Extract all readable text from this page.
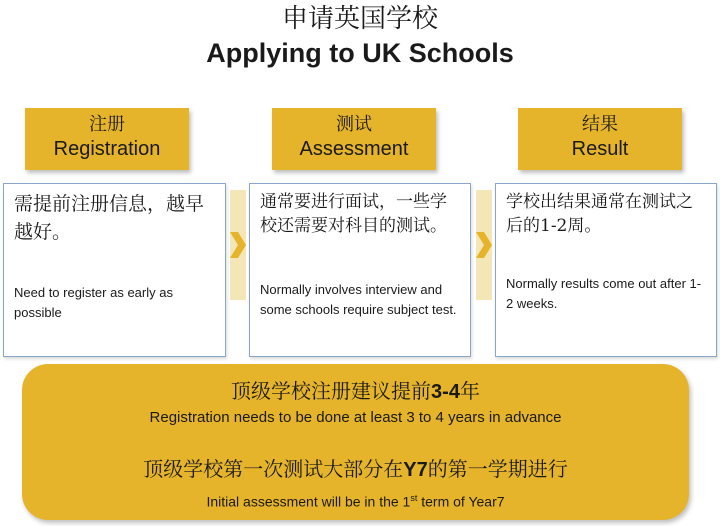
申请英国学校
Applying to UK Schools
注册
Registration
测试
Assessment
结果
Result
需提前注册信息，越早越好。
Need to register as early as possible
通常要进行面试，一些学校还需要对科目的测试。
Normally involves interview and some schools require subject test.
学校出结果通常在测试之后的1-2周。
Normally results come out after 1-2 weeks.
顶级学校注册建议提前3-4年
Registration needs to be done at least 3 to 4 years in advance
顶级学校第一次测试大部分在Y7的第一学期进行
Initial assessment will be in the 1st term of Year7
